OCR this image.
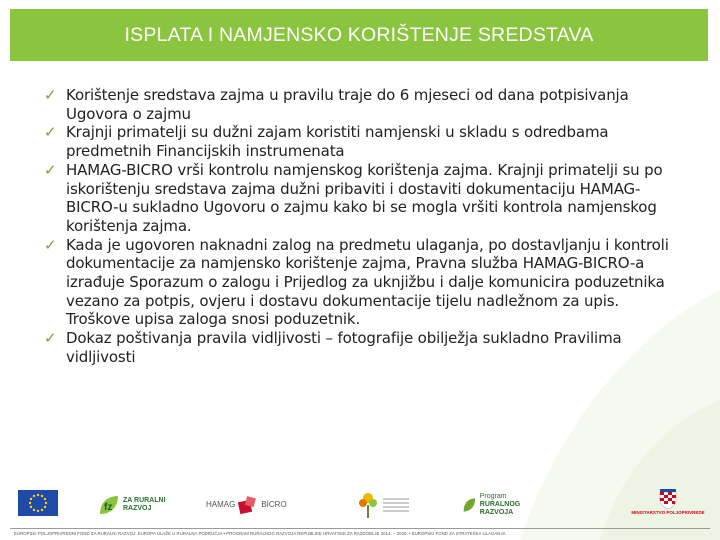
ISPLATA I NAMJENSKO KORIŠTENJE SREDSTAVA
✓ Korištenje sredstava zajma u pravilu traje do 6 mjeseci od dana potpisivanja Ugovora o zajmu
✓ Krajnji primatelji su dužni zajam koristiti namjenski u skladu s odredbama predmetnih Financijskih instrumenata
✓ HAMAG-BICRO vrši kontrolu namjenskog korištenja zajma. Krajnji primatelji su po iskorištenju sredstava zajma dužni pribaviti i dostaviti dokumentaciju HAMAG-BICRO-u sukladno Ugovoru o zajmu kako bi se mogla vršiti kontrola namjenskog korištenja zajma.
✓ Kada je ugovoren naknadni zalog na predmetu ulaganja, po dostavljanju i kontroli dokumentacije za namjensko korištenje zajma, Pravna služba HAMAG-BICRO-a izrađuje Sporazum o zalogu i Prijedlog za uknjižbu i dalje komunicira poduzetnika vezano za potpis, ovjeru i dostavu dokumentacije tijelu nadležnom za upis. Troškove upisa zaloga snosi poduzetnik.
✓ Dokaz poštivanja pravila vidljivosti – fotografije obilježja sukladno Pravilima vidljivosti
fz
ZA RURALNI
RAZVOJ	HAMAG	BICRO
Program
RURALNOG RAZVOJA	MINISTARSTVO POLJOPRIVREDE
EUROPSKI POLJOPRIVREDNI FOND ZA RURALNI RAZVOJ: EUROPA ULAŽE U RURALNA PODRUČJA • PROGRAM RURALNOG RAZVOJA REPUBLIKE HRVATSKE ZA RAZDOBLJE 2014. – 2020. • EUROPSKI FOND ZA STRATEŠKA ULAGANJA
